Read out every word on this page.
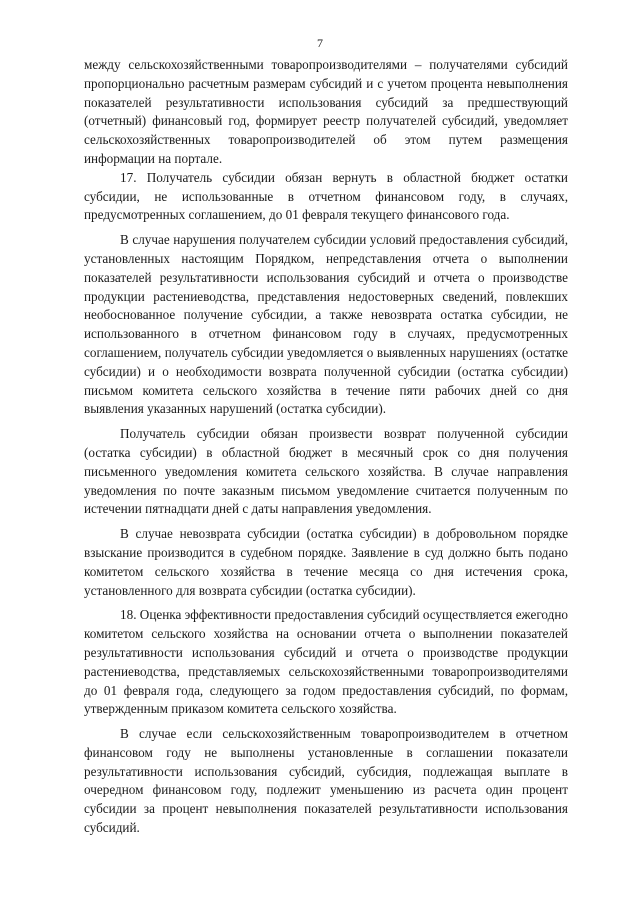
7

между сельскохозяйственными товаропроизводителями – получателями субсидий пропорционально расчетным размерам субсидий и с учетом процента невыполнения показателей результативности использования субсидий за предшествующий (отчетный) финансовый год, формирует реестр получателей субсидий, уведомляет сельскохозяйственных товаропроизводителей об этом путем размещения информации на портале.

17. Получатель субсидии обязан вернуть в областной бюджет остатки субсидии, не использованные в отчетном финансовом году, в случаях, предусмотренных соглашением, до 01 февраля текущего финансового года.

В случае нарушения получателем субсидии условий предоставления субсидий, установленных настоящим Порядком, непредставления отчета о выполнении показателей результативности использования субсидий и отчета о производстве продукции растениеводства, представления недостоверных сведений, повлекших необоснованное получение субсидии, а также невозврата остатка субсидии, не использованного в отчетном финансовом году в случаях, предусмотренных соглашением, получатель субсидии уведомляется о выявленных нарушениях (остатке субсидии) и о необходимости возврата полученной субсидии (остатка субсидии) письмом комитета сельского хозяйства в течение пяти рабочих дней со дня выявления указанных нарушений (остатка субсидии).

Получатель субсидии обязан произвести возврат полученной субсидии (остатка субсидии) в областной бюджет в месячный срок со дня получения письменного уведомления комитета сельского хозяйства. В случае направления уведомления по почте заказным письмом уведомление считается полученным по истечении пятнадцати дней с даты направления уведомления.

В случае невозврата субсидии (остатка субсидии) в добровольном порядке взыскание производится в судебном порядке. Заявление в суд должно быть подано комитетом сельского хозяйства в течение месяца со дня истечения срока, установленного для возврата субсидии (остатка субсидии).

18. Оценка эффективности предоставления субсидий осуществляется ежегодно комитетом сельского хозяйства на основании отчета о выполнении показателей результативности использования субсидий и отчета о производстве продукции растениеводства, представляемых сельскохозяйственными товаропроизводителями до 01 февраля года, следующего за годом предоставления субсидий, по формам, утвержденным приказом комитета сельского хозяйства.

В случае если сельскохозяйственным товаропроизводителем в отчетном финансовом году не выполнены установленные в соглашении показатели результативности использования субсидий, субсидия, подлежащая выплате в очередном финансовом году, подлежит уменьшению из расчета один процент субсидии за процент невыполнения показателей результативности использования субсидий.
